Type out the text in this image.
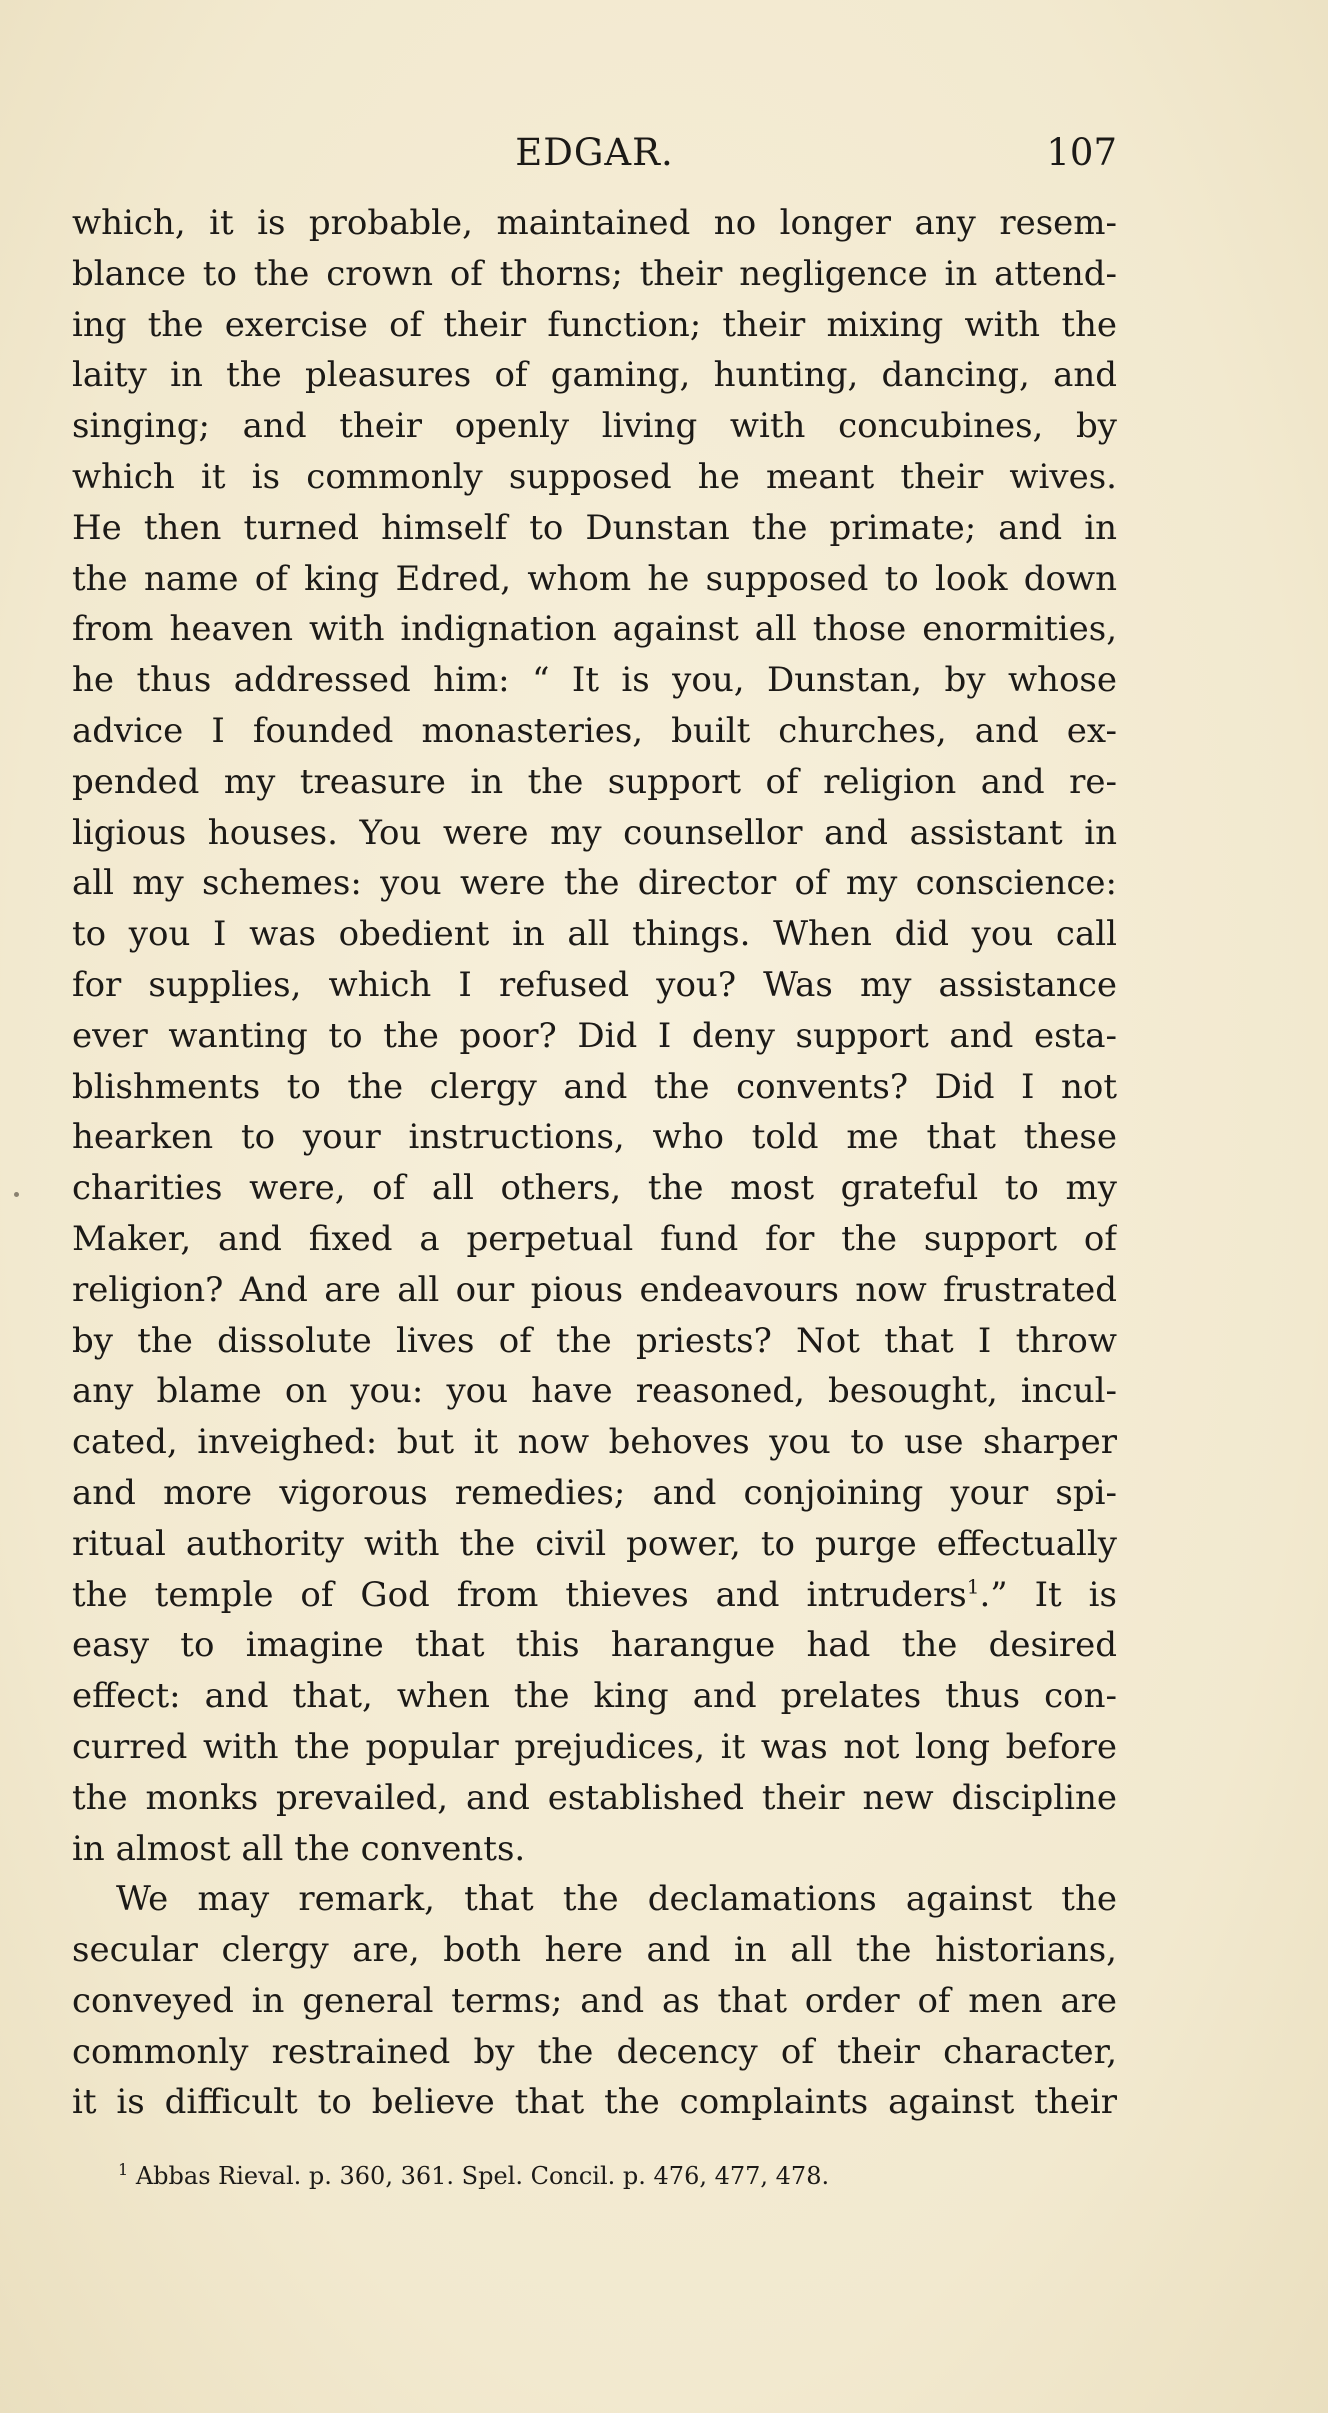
EDGAR.	107
which, it is probable, maintained no longer any resem-
blance to the crown of thorns; their negligence in attend-
ing the exercise of their function; their mixing with the
laity in the pleasures of gaming, hunting, dancing, and
singing; and their openly living with concubines, by
which it is commonly supposed he meant their wives.
He then turned himself to Dunstan the primate; and in
the name of king Edred, whom he supposed to look down
from heaven with indignation against all those enormities,
he thus addressed him: “ It is you, Dunstan, by whose
advice I founded monasteries, built churches, and ex-
pended my treasure in the support of religion and re-
ligious houses. You were my counsellor and assistant in
all my schemes: you were the director of my conscience:
to you I was obedient in all things. When did you call
for supplies, which I refused you? Was my assistance
ever wanting to the poor? Did I deny support and esta-
blishments to the clergy and the convents? Did I not
hearken to your instructions, who told me that these
charities were, of all others, the most grateful to my
Maker, and fixed a perpetual fund for the support of
religion? And are all our pious endeavours now frustrated
by the dissolute lives of the priests? Not that I throw
any blame on you: you have reasoned, besought, incul-
cated, inveighed: but it now behoves you to use sharper
and more vigorous remedies; and conjoining your spi-
ritual authority with the civil power, to purge effectually
the temple of God from thieves and intruders$^1$.” It is
easy to imagine that this harangue had the desired
effect: and that, when the king and prelates thus con-
curred with the popular prejudices, it was not long before
the monks prevailed, and established their new discipline
in almost all the convents.
We may remark, that the declamations against the
secular clergy are, both here and in all the historians,
conveyed in general terms; and as that order of men are
commonly restrained by the decency of their character,
it is difficult to believe that the complaints against their
$^1$ Abbas Rieval. p. 360, 361. Spel. Concil. p. 476, 477, 478.
